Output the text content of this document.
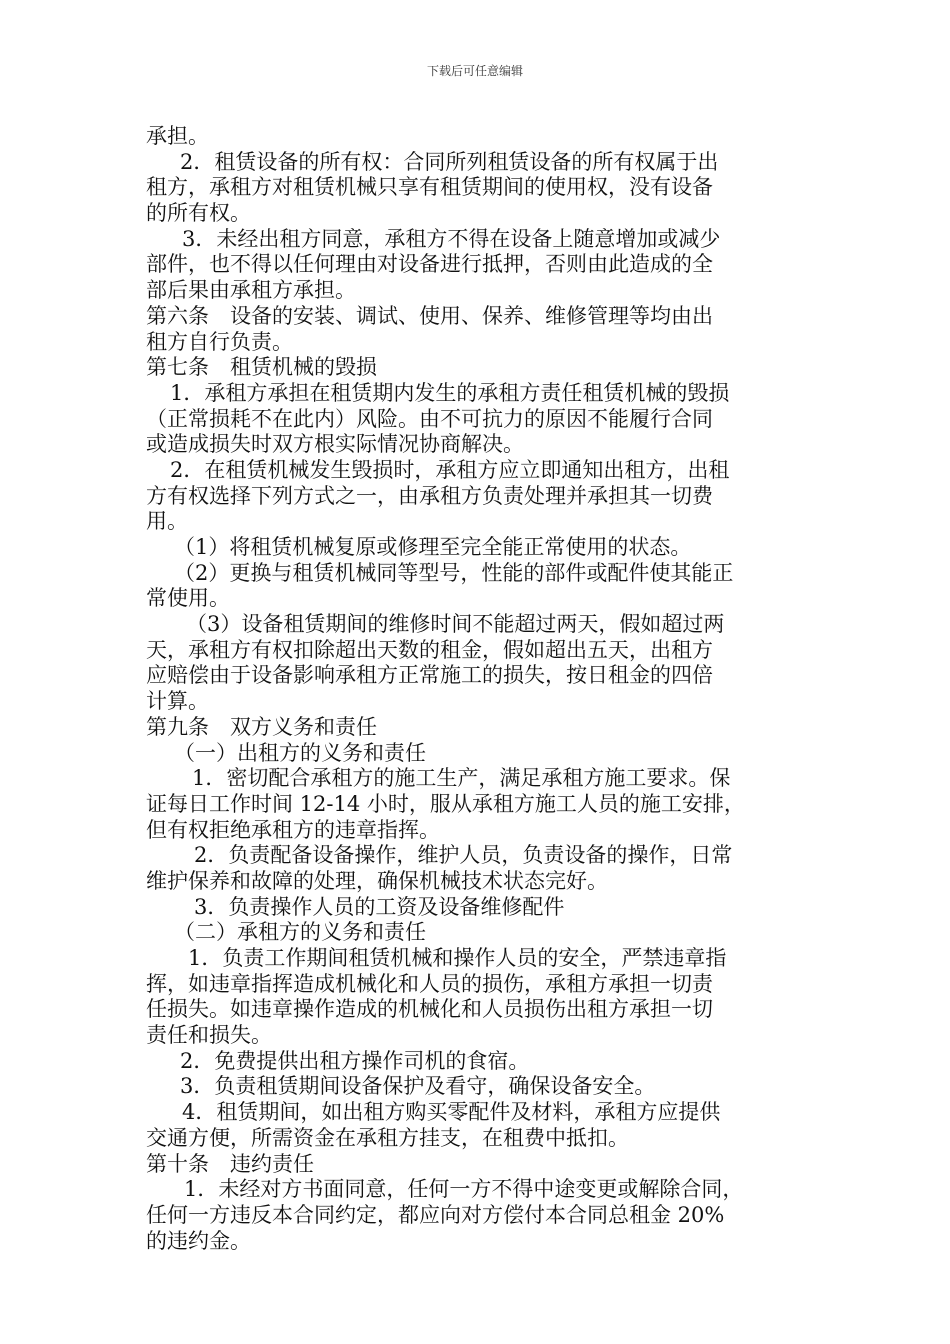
下载后可任意编辑
承担。
2．租赁设备的所有权：合同所列租赁设备的所有权属于出
租方，承租方对租赁机械只享有租赁期间的使用权，没有设备
的所有权。
3．未经出租方同意，承租方不得在设备上随意增加或减少
部件，也不得以任何理由对设备进行抵押，否则由此造成的全
部后果由承租方承担。
第六条　设备的安装、调试、使用、保养、维修管理等均由出
租方自行负责。
第七条　租赁机械的毁损
1．承租方承担在租赁期内发生的承租方责任租赁机械的毁损
（正常损耗不在此内）风险。由不可抗力的原因不能履行合同
或造成损失时双方根实际情况协商解决。
2．在租赁机械发生毁损时，承租方应立即通知出租方，出租
方有权选择下列方式之一，由承租方负责处理并承担其一切费
用。
（1）将租赁机械复原或修理至完全能正常使用的状态。
（2）更换与租赁机械同等型号，性能的部件或配件使其能正
常使用。
（3）设备租赁期间的维修时间不能超过两天，假如超过两
天，承租方有权扣除超出天数的租金，假如超出五天，出租方
应赔偿由于设备影响承租方正常施工的损失，按日租金的四倍
计算。
第九条　双方义务和责任
（一）出租方的义务和责任
1．密切配合承租方的施工生产，满足承租方施工要求。保
证每日工作时间 12-14 小时，服从承租方施工人员的施工安排，
但有权拒绝承租方的违章指挥。
2．负责配备设备操作，维护人员，负责设备的操作，日常
维护保养和故障的处理，确保机械技术状态完好。
3．负责操作人员的工资及设备维修配件
（二）承租方的义务和责任
1．负责工作期间租赁机械和操作人员的安全，严禁违章指
挥，如违章指挥造成机械化和人员的损伤，承租方承担一切责
任损失。如违章操作造成的机械化和人员损伤出租方承担一切
责任和损失。
2．免费提供出租方操作司机的食宿。
3．负责租赁期间设备保护及看守，确保设备安全。
4．租赁期间，如出租方购买零配件及材料，承租方应提供
交通方便，所需资金在承租方挂支，在租费中抵扣。
第十条　违约责任
1．未经对方书面同意，任何一方不得中途变更或解除合同，
任何一方违反本合同约定，都应向对方偿付本合同总租金 20%
的违约金。
